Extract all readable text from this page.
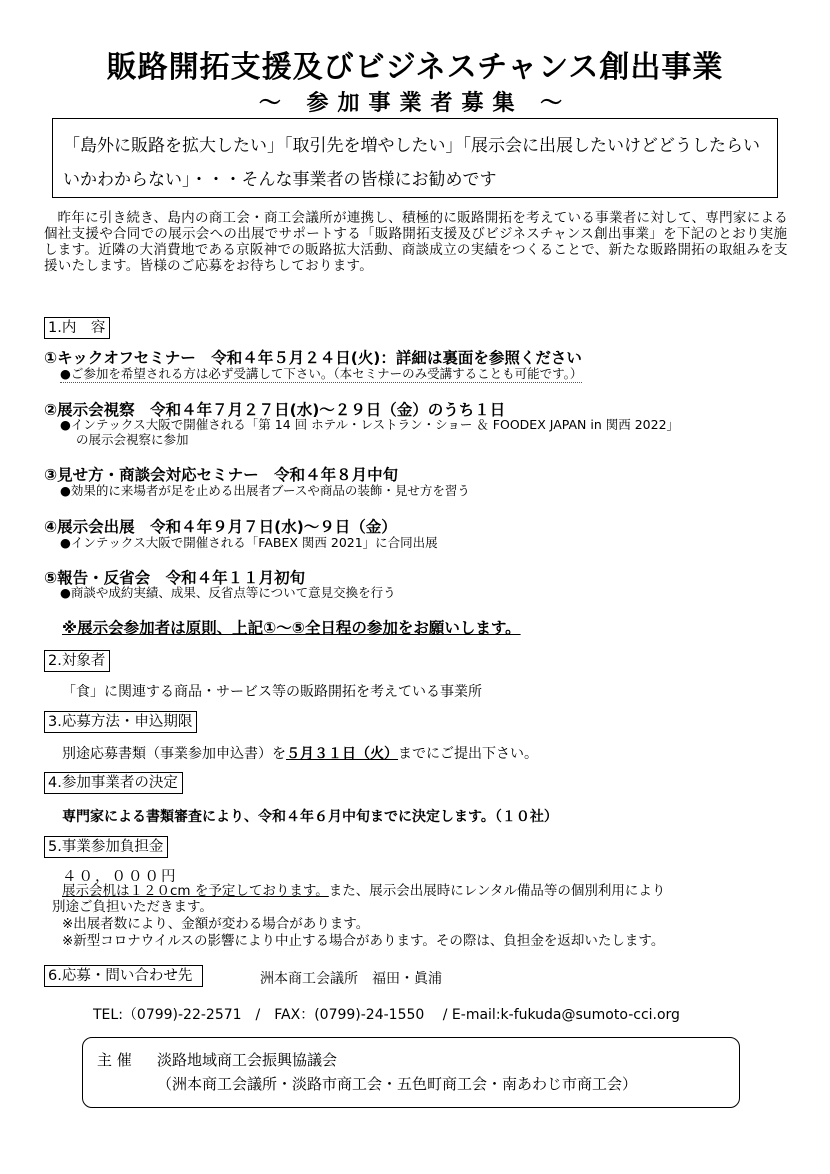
販路開拓支援及びビジネスチャンス創出事業
～ 参加事業者募集 ～
「島外に販路を拡大したい」「取引先を増やしたい」「展示会に出展したいけどどうしたらい
いかわからない」・・・そんな事業者の皆様にお勧めです
昨年に引き続き、島内の商工会・商工会議所が連携し、積極的に販路開拓を考えている事業者に対して、専門家による個社支援や合同での展示会への出展でサポートする「販路開拓支援及びビジネスチャンス創出事業」を下記のとおり実施します。近隣の大消費地である京阪神での販路拡大活動、商談成立の実績をつくることで、新たな販路開拓の取組みを支援いたします。皆様のご応募をお待ちしております。
1.内　容
①キックオフセミナー　令和４年５月２４日(火)：詳細は裏面を参照ください
●ご参加を希望される方は必ず受講して下さい。（本セミナーのみ受講することも可能です。）
②展示会視察　令和４年７月２７日(水)～２９日（金）のうち１日
●インテックス大阪で開催される「第 14 回 ホテル・レストラン・ショー ＆ FOODEX JAPAN in 関西 2022」
の展示会視察に参加
③見せ方・商談会対応セミナー　令和４年８月中旬
●効果的に来場者が足を止める出展者ブースや商品の装飾・見せ方を習う
④展示会出展　令和４年９月７日(水)～９日（金）
●インテックス大阪で開催される「FABEX 関西 2021」に合同出展
⑤報告・反省会　令和４年１１月初旬
●商談や成約実績、成果、反省点等について意見交換を行う
※展示会参加者は原則、上記①～⑤全日程の参加をお願いします。
2.対象者
「食」に関連する商品・サービス等の販路開拓を考えている事業所
3.応募方法・申込期限
別途応募書類（事業参加申込書）を５月３１日（火）までにご提出下さい。
4.参加事業者の決定
専門家による書類審査により、令和４年６月中旬までに決定します。（１０社）
5.事業参加負担金
４０，０００円
展示会机は１２０cm を予定しております。また、展示会出展時にレンタル備品等の個別利用により
別途ご負担いただきます。
※出展者数により、金額が変わる場合があります。
※新型コロナウイルスの影響により中止する場合があります。その際は、負担金を返却いたします。
6.応募・問い合わせ先	洲本商工会議所　福田・眞浦
TEL:（0799)-22-2571　/　FAX：(0799)-24-1550　 / E-mail:k-fukuda@sumoto-cci.org
主 催 淡路地域商工会振興協議会
（洲本商工会議所・淡路市商工会・五色町商工会・南あわじ市商工会）
